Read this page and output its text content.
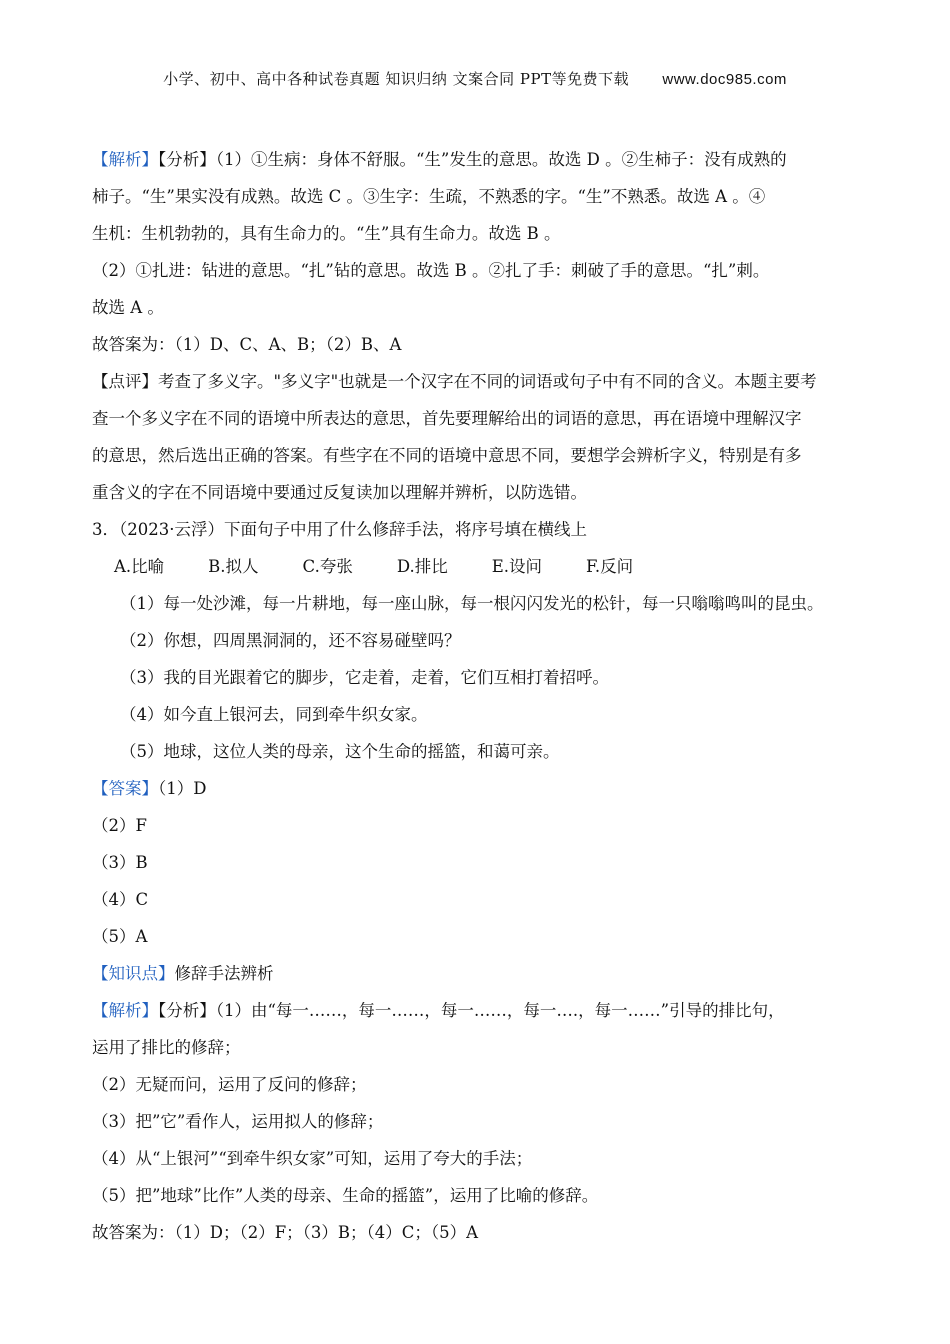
小学、初中、高中各种试卷真题 知识归纳 文案合同 PPT等免费下载 www.doc985.com
【解析】【分析】（1）①生病：身体不舒服。“生”发生的意思。故选 D 。②生柿子：没有成熟的
柿子。“生”果实没有成熟。故选 C 。③生字：生疏，不熟悉的字。“生”不熟悉。故选 A 。④
生机：生机勃勃的，具有生命力的。“生”具有生命力。故选 B 。
（2）①扎进：钻进的意思。“扎”钻的意思。故选 B 。②扎了手：刺破了手的意思。“扎”刺。
故选 A 。
故答案为：（1）D、C、A、B；（2）B、A
【点评】考查了多义字。"多义字"也就是一个汉字在不同的词语或句子中有不同的含义。本题主要考
查一个多义字在不同的语境中所表达的意思，首先要理解给出的词语的意思，再在语境中理解汉字
的意思，然后选出正确的答案。有些字在不同的语境中意思不同，要想学会辨析字义，特别是有多
重含义的字在不同语境中要通过反复读加以理解并辨析，以防选错。
3．（2023·云浮）下面句子中用了什么修辞手法，将序号填在横线上
A.比喻	B.拟人	C.夸张	D.排比	E.设问	F.反问
（1）每一处沙滩，每一片耕地，每一座山脉，每一根闪闪发光的松针，每一只嗡嗡鸣叫的昆虫。
（2）你想，四周黑洞洞的，还不容易碰壁吗？
（3）我的目光跟着它的脚步，它走着，走着，它们互相打着招呼。
（4）如今直上银河去，同到牵牛织女家。
（5）地球，这位人类的母亲，这个生命的摇篮，和蔼可亲。
【答案】（1）D
（2）F
（3）B
（4）C
（5）A
【知识点】修辞手法辨析
【解析】【分析】（1）由“每一……，每一……，每一……，每一….，每一……”引导的排比句，
运用了排比的修辞；
（2）无疑而问，运用了反问的修辞；
（3）把”它”看作人，运用拟人的修辞；
（4）从“上银河”“到牵牛织女家”可知，运用了夸大的手法；
（5）把”地球”比作”人类的母亲、生命的摇篮”，运用了比喻的修辞。
故答案为：（1）D；（2）F；（3）B；（4）C；（5）A
